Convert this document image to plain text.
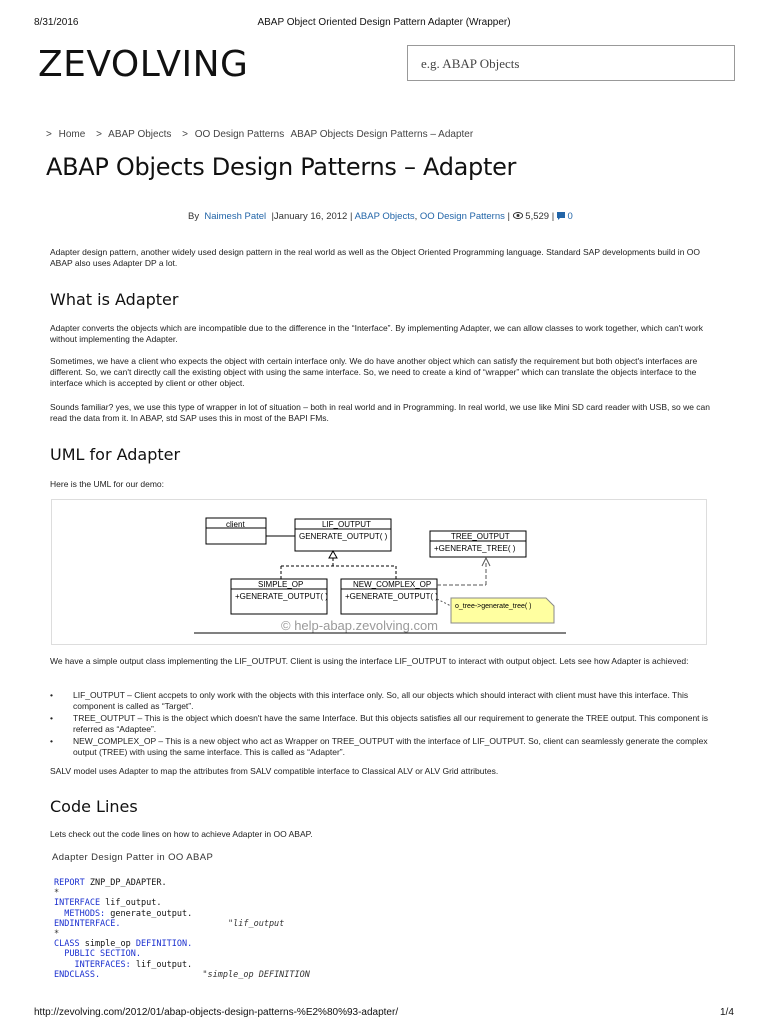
8/31/2016	ABAP Object Oriented Design Pattern Adapter (Wrapper)
ZEVOLVING	e.g. ABAP Objects
> Home > ABAP Objects > OO Design Patterns ABAP Objects Design Patterns – Adapter
ABAP Objects Design Patterns – Adapter
By Naimesh Patel |January 16, 2012 | ABAP Objects, OO Design Patterns | 5,529 | 0

Adapter design pattern, another widely used design pattern in the real world as well as the Object Oriented Programming language. Standard SAP developments build in OO ABAP also uses Adapter DP a lot.

What is Adapter

Adapter converts the objects which are incompatible due to the difference in the “Interface”. By implementing Adapter, we can allow classes to work together, which can't work without implementing the Adapter.

Sometimes, we have a client who expects the object with certain interface only. We do have another object which can satisfy the requirement but both object's interfaces are different. So, we can't directly call the existing object with using the same interface. So, we need to create a kind of “wrapper” which can translate the objects interface to the interface which is accepted by client or other object.

Sounds familiar? yes, we use this type of wrapper in lot of situation – both in real world and in Programming. In real world, we use like Mini SD card reader with USB, so we can read the data from it. In ABAP, std SAP uses this in most of the BAPI FMs.

UML for Adapter

Here is the UML for our demo:

client	LIF_OUTPUT
GENERATE_OUTPUT( )	TREE_OUTPUT
+GENERATE_TREE( )
SIMPLE_OP
+GENERATE_OUTPUT( )
NEW_COMPLEX_OP
+GENERATE_OUTPUT( )
o_tree->generate_tree( )
© help-abap.zevolving.com

We have a simple output class implementing the LIF_OUTPUT. Client is using the interface LIF_OUTPUT to interact with output object. Lets see how Adapter is achieved:

• LIF_OUTPUT – Client accpets to only work with the objects with this interface only. So, all our objects which should interact with client must have this interface. This component is called as “Target”.
• TREE_OUTPUT – This is the object which doesn't have the same Interface. But this objects satisfies all our requirement to generate the TREE output. This component is referred as “Adaptee”.
• NEW_COMPLEX_OP – This is a new object who act as Wrapper on TREE_OUTPUT with the interface of LIF_OUTPUT. So, client can seamlessly generate the complex output (TREE) with using the same interface. This is called as “Adapter”.

SALV model uses Adapter to map the attributes from SALV compatible interface to Classical ALV or ALV Grid attributes.

Code Lines

Lets check out the code lines on how to achieve Adapter in OO ABAP.

Adapter Design Patter in OO ABAP
REPORT ZNP_DP_ADAPTER.
*
INTERFACE lif_output.
METHODS: generate_output.
ENDINTERFACE.	"lif_output
*
CLASS simple_op DEFINITION.
PUBLIC SECTION.
INTERFACES: lif_output.
ENDCLASS.	"simple_op DEFINITION
http://zevolving.com/2012/01/abap-objects-design-patterns-%E2%80%93-adapter/	1/4
